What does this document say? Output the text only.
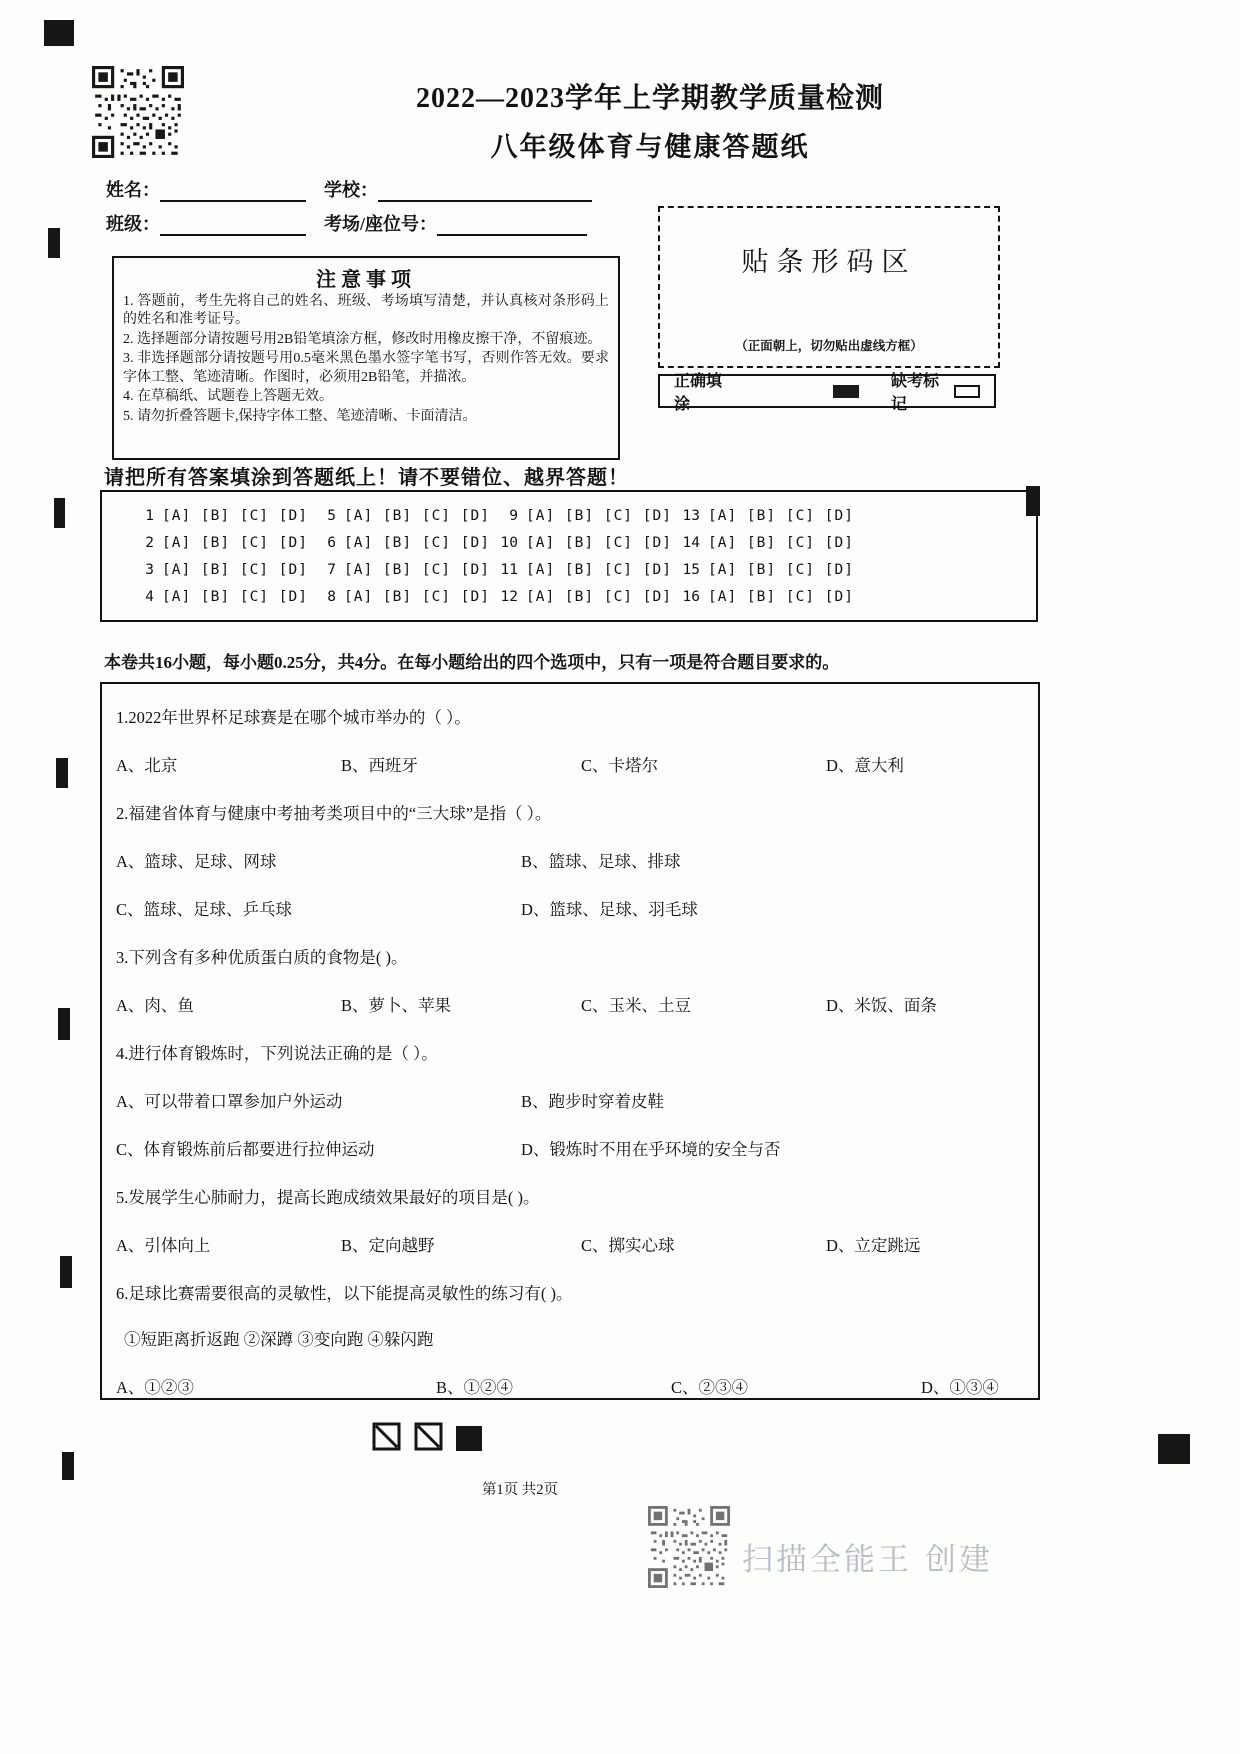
2022—2023学年上学期教学质量检测
八年级体育与健康答题纸
姓名：	学校：
班级：	考场/座位号：
贴条形码区
（正面朝上，切勿贴出虚线方框）
正确填涂
缺考标记
注意事项
1. 答题前，考生先将自己的姓名、班级、考场填写清楚，并认真核对条形码上的姓名和准考证号。
2. 选择题部分请按题号用2B铅笔填涂方框，修改时用橡皮擦干净，不留痕迹。
3. 非选择题部分请按题号用0.5毫米黑色墨水签字笔书写，否则作答无效。要求字体工整、笔迹清晰。作图时，必须用2B铅笔，并描浓。
4. 在草稿纸、试题卷上答题无效。
5. 请勿折叠答题卡,保持字体工整、笔迹清晰、卡面清洁。
请把所有答案填涂到答题纸上！请不要错位、越界答题！
1 [A] [B] [C] [D]	5 [A] [B] [C] [D]	9 [A] [B] [C] [D] 13 [A] [B] [C] [D]
2 [A] [B] [C] [D]	6 [A] [B] [C] [D] 10 [A] [B] [C] [D] 14 [A] [B] [C] [D]
3 [A] [B] [C] [D]	7 [A] [B] [C] [D] 11 [A] [B] [C] [D] 15 [A] [B] [C] [D]
4 [A] [B] [C] [D]	8 [A] [B] [C] [D] 12 [A] [B] [C] [D] 16 [A] [B] [C] [D]
本卷共16小题，每小题0.25分，共4分。在每小题给出的四个选项中，只有一项是符合题目要求的。
1.2022年世界杯足球赛是在哪个城市举办的（ ）。
A、北京	B、西班牙	C、卡塔尔	D、意大利
2.福建省体育与健康中考抽考类项目中的“三大球”是指（ ）。
A、篮球、足球、网球	B、篮球、足球、排球
C、篮球、足球、乒乓球	D、篮球、足球、羽毛球
3.下列含有多种优质蛋白质的食物是( )。
A、肉、鱼	B、萝卜、苹果	C、玉米、土豆	D、米饭、面条
4.进行体育锻炼时，下列说法正确的是（ ）。
A、可以带着口罩参加户外运动	B、跑步时穿着皮鞋
C、体育锻炼前后都要进行拉伸运动	D、锻炼时不用在乎环境的安全与否
5.发展学生心肺耐力，提高长跑成绩效果最好的项目是( )。
A、引体向上	B、定向越野	C、掷实心球	D、立定跳远
6.足球比赛需要很高的灵敏性，以下能提高灵敏性的练习有( )。
①短距离折返跑 ②深蹲 ③变向跑 ④躲闪跑
A、①②③	B、①②④	C、②③④	D、①③④
第1页 共2页
扫描全能王 创建
